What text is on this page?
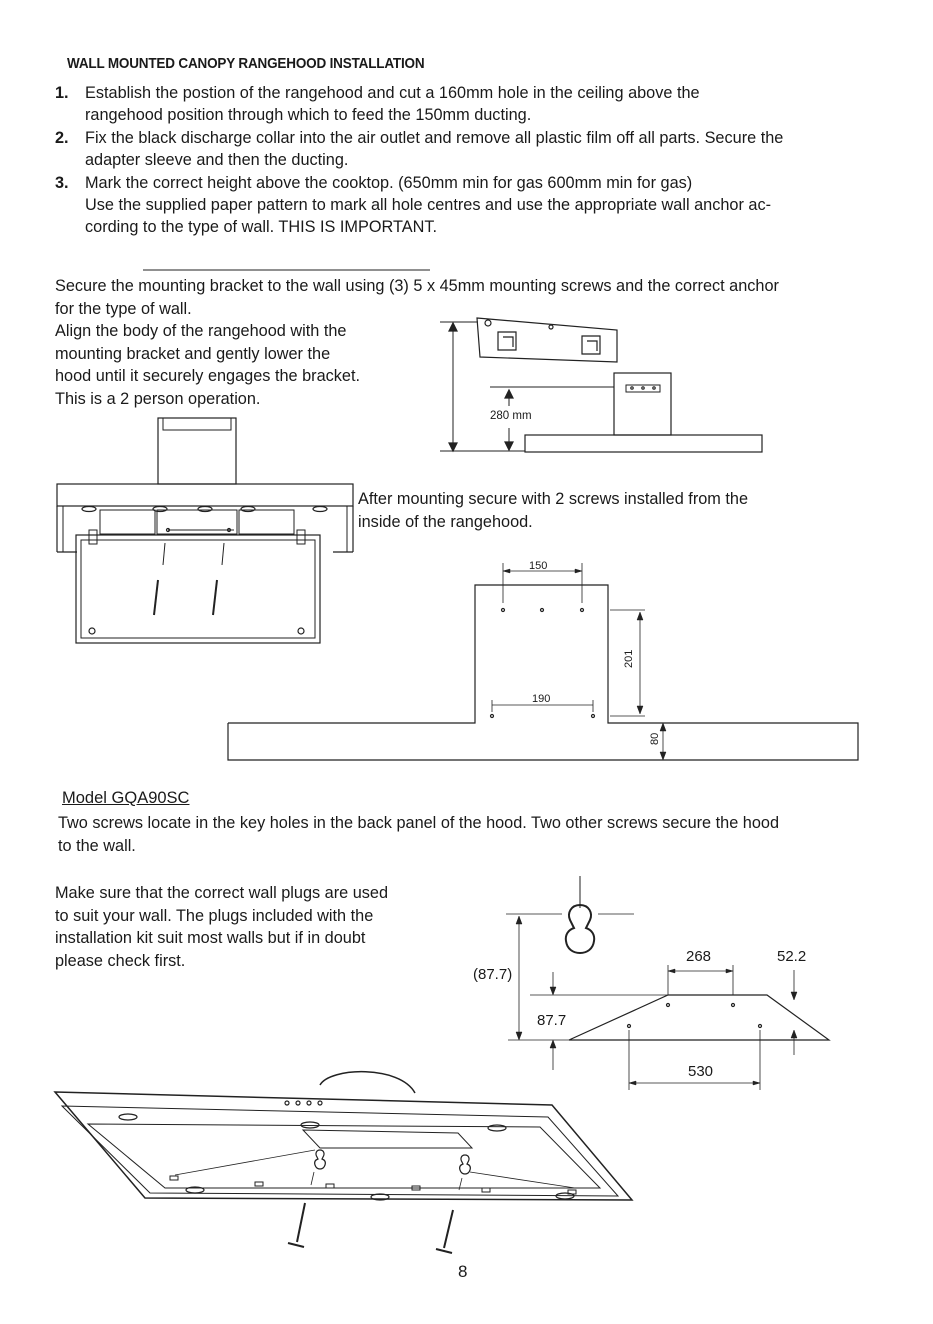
WALL MOUNTED CANOPY RANGEHOOD INSTALLATION
1. Establish the postion of the rangehood and cut a 160mm hole in the ceiling above the
rangehood position through which to feed the 150mm ducting.
2. Fix the black discharge collar into the air outlet and remove all plastic film off all parts. Secure the
adapter sleeve and then the ducting.
3. Mark the correct height above the cooktop. (650mm min for gas 600mm min for gas)
Use the supplied paper pattern to mark all hole centres and use the appropriate wall anchor ac-
cording to the type of wall. THIS IS IMPORTANT.
Secure the mounting bracket to the wall using (3) 5 x 45mm mounting screws and the correct anchor
for the type of wall.
Align the body of the rangehood with the
mounting bracket and gently lower the
hood until it securely engages the bracket.
This is a 2 person operation.
After mounting secure with 2 screws installed from the
inside of the rangehood.
Model GQA90SC
Two screws locate in the key holes in the back panel of the hood. Two other screws secure the hood
to the wall.
Make sure that the correct wall plugs are used
to suit your wall. The plugs included with the
installation kit suit most walls but if in doubt
please check first.
280 mm
150
190
201
80
(87.7)
87.7
268	52.2
530
8
